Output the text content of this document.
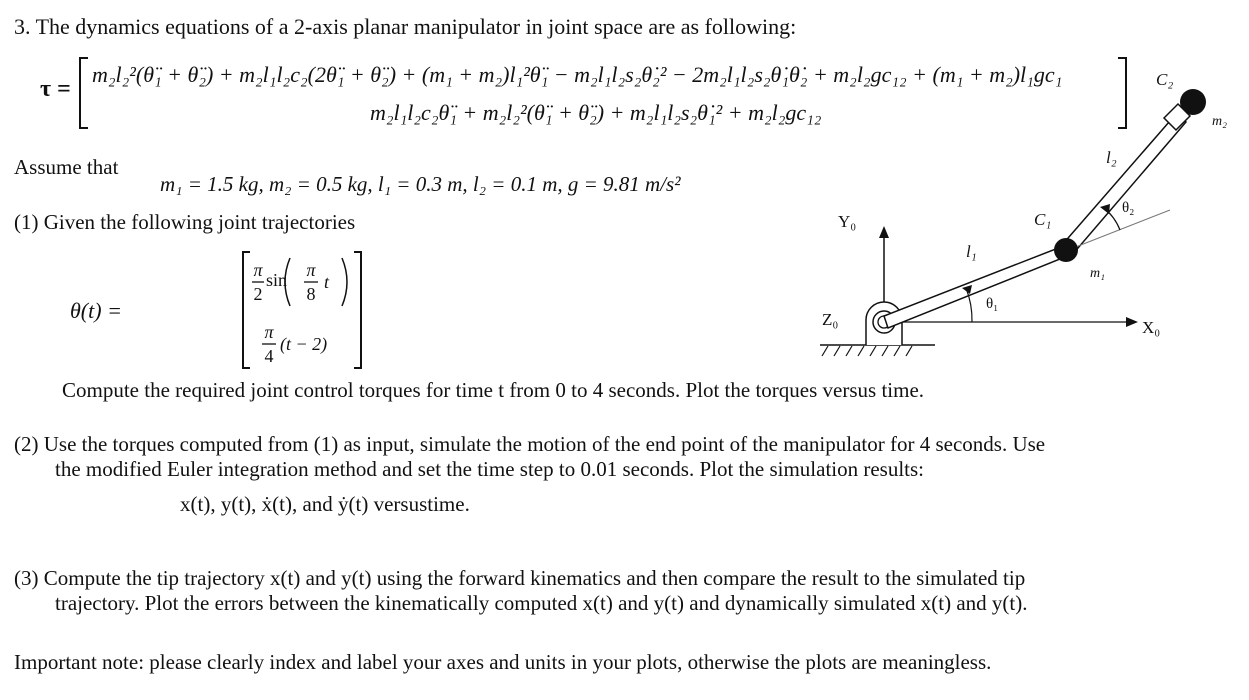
3. The dynamics equations of a 2-axis planar manipulator in joint space are as following:
τ =
m₂l₂²(θ̈₁ + θ̈₂) + m₂l₁l₂c₂(2θ̈₁ + θ̈₂) + (m₁ + m₂)l₁²θ̈₁ − m₂l₁l₂s₂θ̇₂² − 2m₂l₁l₂s₂θ̇₁θ̇₂ + m₂l₂gc₁₂ + (m₁ + m₂)l₁gc₁
m₂l₁l₂c₂θ̈₁ + m₂l₂²(θ̈₁ + θ̈₂) + m₂l₁l₂s₂θ̇₁² + m₂l₂gc₁₂
Assume that
m₁ = 1.5 kg, m₂ = 0.5 kg, l₁ = 0.3 m, l₂ = 0.1 m, g = 9.81 m/s²
(1) Given the following joint trajectories
θ(t) =
π
2
sin π
8
t
π
4
(t − 2)
Compute the required joint control torques for time t from 0 to 4 seconds. Plot the torques versus time.
(2) Use the torques computed from (1) as input, simulate the motion of the end point of the manipulator for 4 seconds. Use
the modified Euler integration method and set the time step to 0.01 seconds. Plot the simulation results:
x(t), y(t), ẋ(t), and ẏ(t) versustime.
(3) Compute the tip trajectory x(t) and y(t) using the forward kinematics and then compare the result to the simulated tip
trajectory. Plot the errors between the kinematically computed x(t) and y(t) and dynamically simulated x(t) and y(t).
Important note: please clearly index and label your axes and units in your plots, otherwise the plots are meaningless.
Y₀
X₀
Z₀
l₁
l₂
C₁
C₂
m₁
m₂
θ₁
θ₂
